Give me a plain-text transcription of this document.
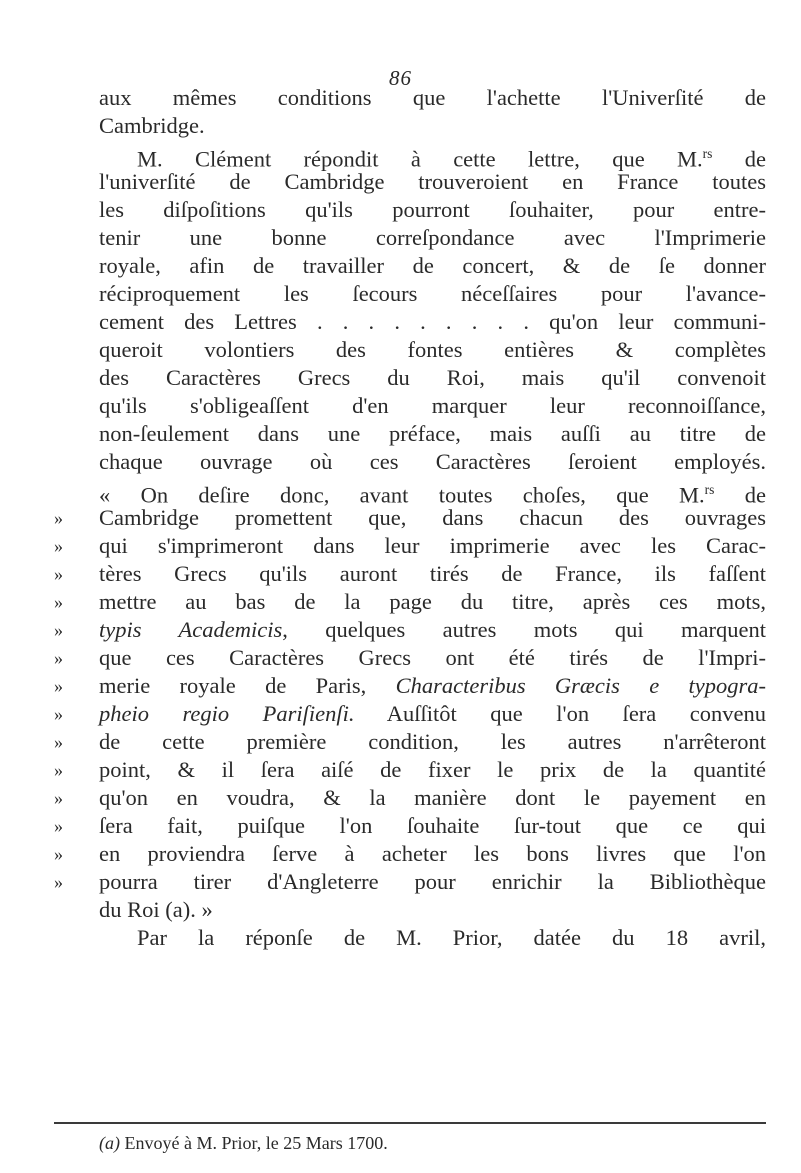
86
aux mêmes conditions que l'achette l'Univerſité de
Cambridge.
M. Clément répondit à cette lettre, que M.$^{rs}$ de
l'univerſité de Cambridge trouveroient en France toutes
les diſpoſitions qu'ils pourront ſouhaiter, pour entre-
tenir une bonne correſpondance avec l'Imprimerie
royale, afin de travailler de concert, & de ſe donner
réciproquement les ſecours néceſſaires pour l'avance-
cement des Lettres . . . . . . . . . qu'on leur communi-
queroit volontiers des fontes entières & complètes
des Caractères Grecs du Roi, mais qu'il convenoit
qu'ils s'obligeaſſent d'en marquer leur reconnoiſſance,
non-ſeulement dans une préface, mais auſſi au titre de
chaque ouvrage où ces Caractères ſeroient employés.
« On deſire donc, avant toutes choſes, que M.$^{rs}$ de
»	Cambridge promettent que, dans chacun des ouvrages
»	qui s'imprimeront dans leur imprimerie avec les Carac-
»	tères Grecs qu'ils auront tirés de France, ils faſſent
»	mettre au bas de la page du titre, après ces mots,
»	typis Academicis, quelques autres mots qui marquent
»	que ces Caractères Grecs ont été tirés de l'Impri-
»	merie royale de Paris, Characteribus Græcis e typogra-
»	pheio regio Pariſienſi. Auſſitôt que l'on ſera convenu
»	de cette première condition, les autres n'arrêteront
»	point, & il ſera aiſé de fixer le prix de la quantité
»	qu'on en voudra, & la manière dont le payement en
»	ſera fait, puiſque l'on ſouhaite ſur-tout que ce qui
»	en proviendra ſerve à acheter les bons livres que l'on
»	pourra tirer d'Angleterre pour enrichir la Bibliothèque
du Roi (a). »
Par la réponſe de M. Prior, datée du 18 avril,
(a) Envoyé à M. Prior, le 25 Mars 1700.
